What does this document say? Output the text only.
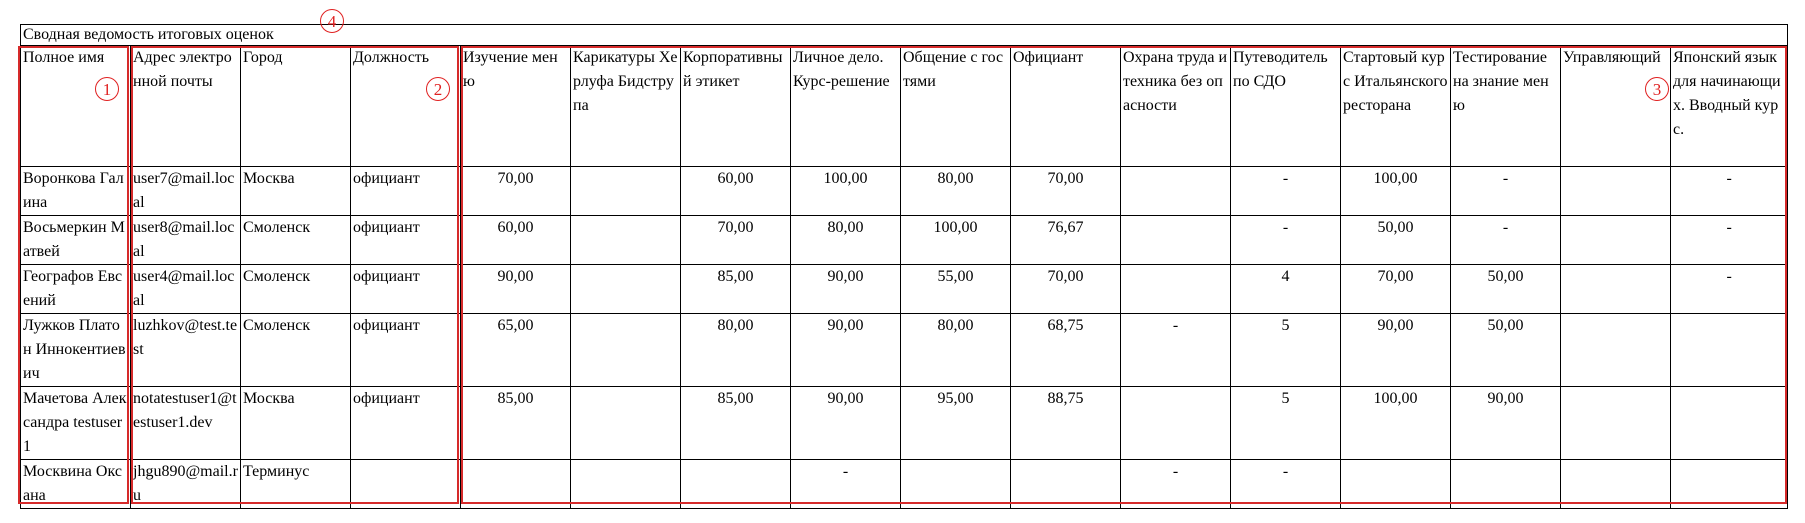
Сводная ведомость итоговых оценок															
Полное имя	Адрес электронной почты	Город	Должность	Изучение меню	Карикатуры Херлуфа Бидструпа	Корпоративный этикет	Личное дело. Курс-решение	Общение с гостями	Официант	Охрана труда и техника без опасности	Путеводитель по СДО	Стартовый курс Итальянского ресторана	Тестирование на знание меню	Управляющий	Японский язык для начинающих. Вводный курс.
Воронкова Галина	user7@mail.local	Москва	официант	70,00		60,00	100,00	80,00	70,00		-	100,00	-		-
Восьмеркин Матвей	user8@mail.local	Смоленск	официант	60,00		70,00	80,00	100,00	76,67		-	50,00	-		-
Географов Евсений	user4@mail.local	Смоленск	официант	90,00		85,00	90,00	55,00	70,00		4	70,00	50,00		-
Лужков Платон Иннокентиевич	luzhkov@test.test	Смоленск	официант	65,00		80,00	90,00	80,00	68,75	-	5	90,00	50,00		
Мачетова Александра testuser1	notatestuser1@testuser1.dev	Москва	официант	85,00		85,00	90,00	95,00	88,75		5	100,00	90,00		
Москвина Оксана	jhgu890@mail.ru	Терминус					-			-	-				
1	2	3
4
